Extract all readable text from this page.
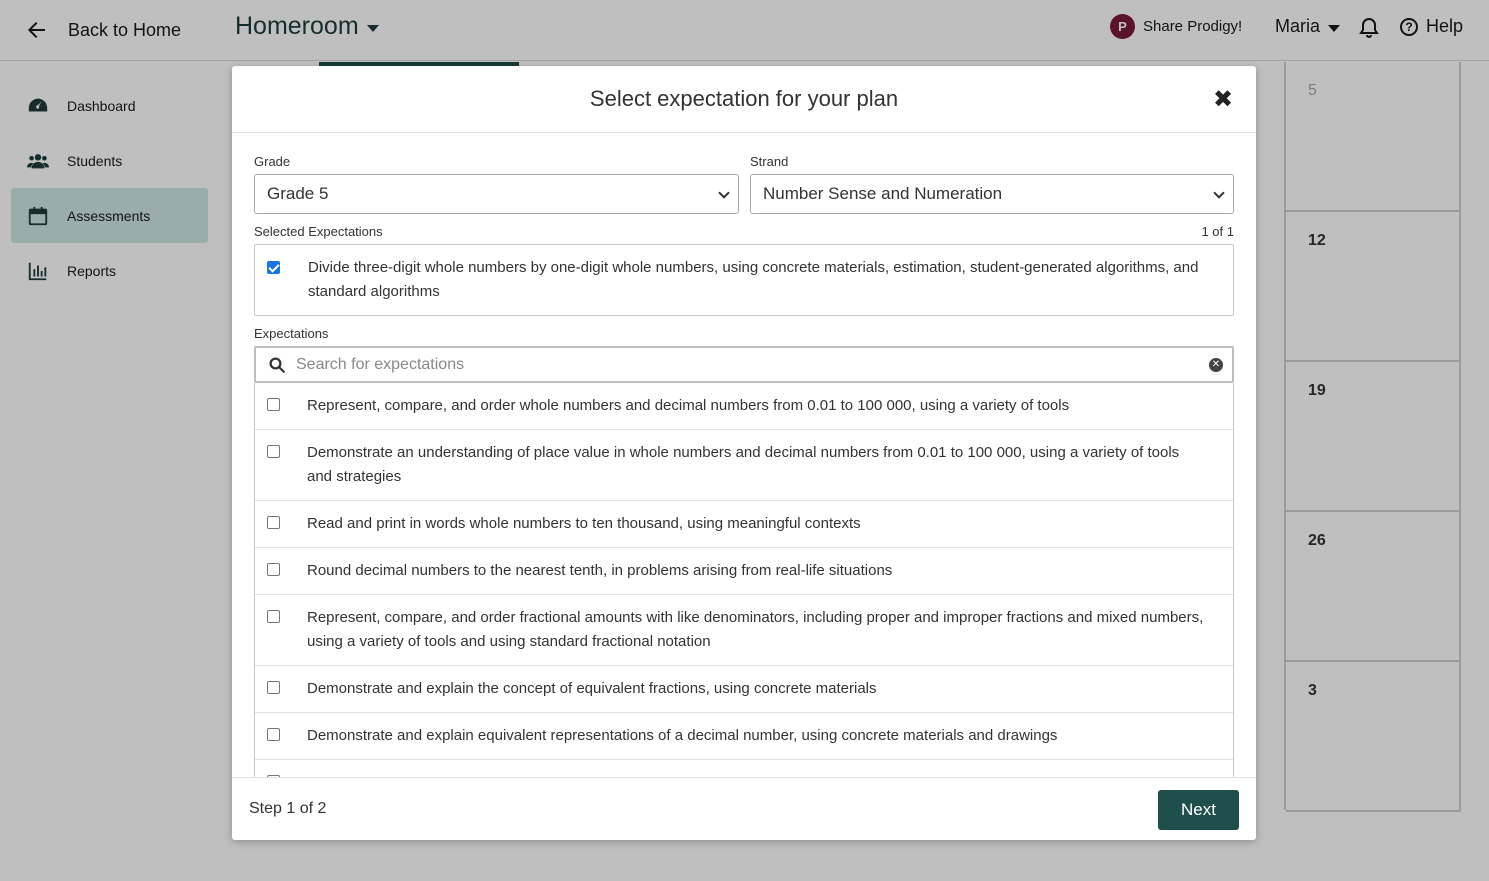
Back to Home Homeroom	P	Share Prodigy! Maria	? Help
Dashboard
Students
Assessments
Reports
5
12
19
26
3
Select expectation for your plan	✖
Grade
Grade 5
Strand
Number Sense and Numeration
Selected Expectations	1 of 1
Divide three-digit whole numbers by one-digit whole numbers, using concrete materials, estimation, student-generated algorithms, and standard algorithms
Expectations
Search for expectations
✕
Represent, compare, and order whole numbers and decimal numbers from 0.01 to 100 000, using a variety of tools
Demonstrate an understanding of place value in whole numbers and decimal numbers from 0.01 to 100 000, using a variety of tools and strategies
Read and print in words whole numbers to ten thousand, using meaningful contexts
Round decimal numbers to the nearest tenth, in problems arising from real-life situations
Represent, compare, and order fractional amounts with like denominators, including proper and improper fractions and mixed numbers, using a variety of tools and using standard fractional notation
Demonstrate and explain the concept of equivalent fractions, using concrete materials
Demonstrate and explain equivalent representations of a decimal number, using concrete materials and drawings
Step 1 of 2	Next
